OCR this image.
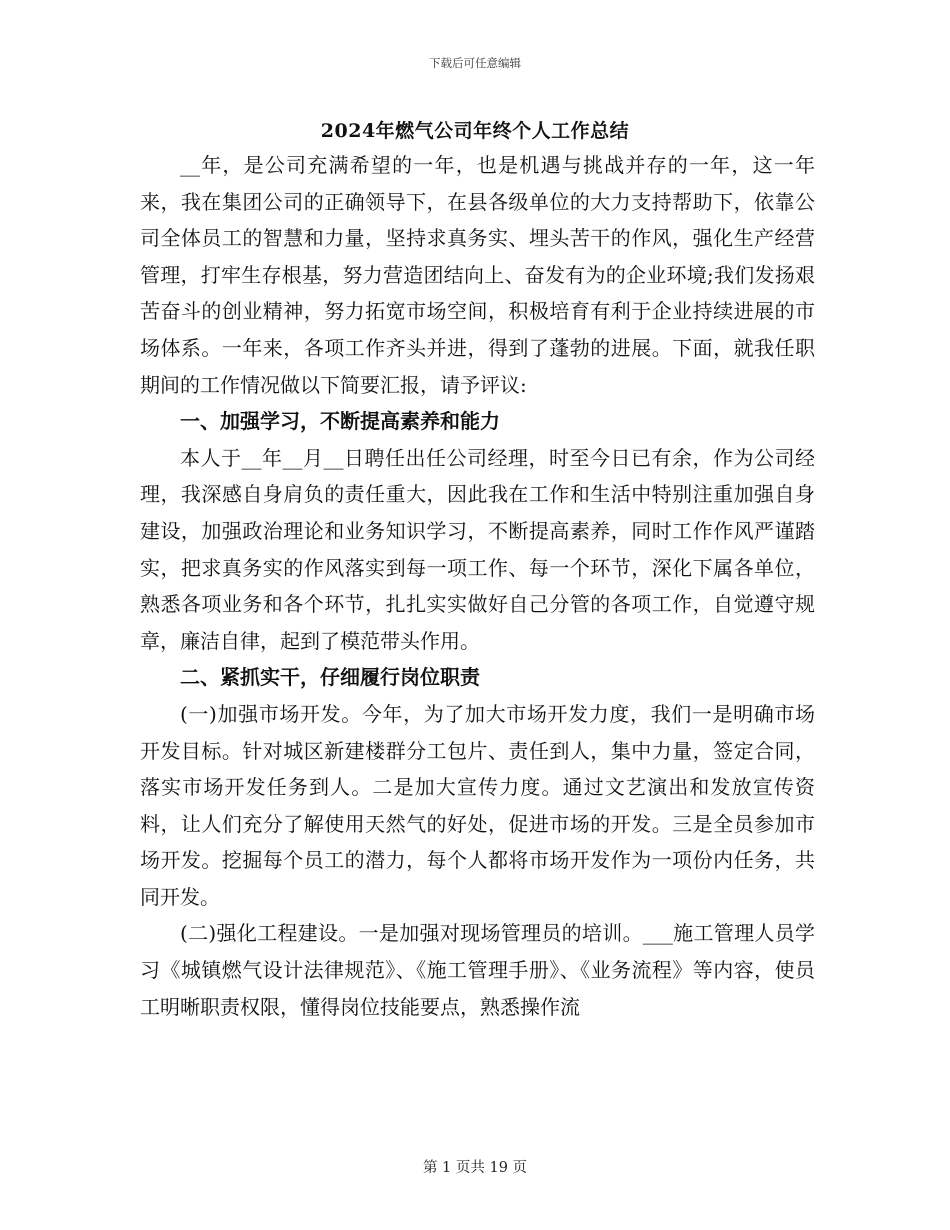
下载后可任意编辑
2024年燃气公司年终个人工作总结

__年，是公司充满希望的一年，也是机遇与挑战并存的一年，这一年来，我在集团公司的正确领导下，在县各级单位的大力支持帮助下，依靠公司全体员工的智慧和力量，坚持求真务实、埋头苦干的作风，强化生产经营管理，打牢生存根基，努力营造团结向上、奋发有为的企业环境;我们发扬艰苦奋斗的创业精神，努力拓宽市场空间，积极培育有利于企业持续进展的市场体系。一年来，各项工作齐头并进，得到了蓬勃的进展。下面，就我任职期间的工作情况做以下简要汇报，请予评议:

一、加强学习，不断提高素养和能力

本人于__年__月__日聘任出任公司经理，时至今日已有余，作为公司经理，我深感自身肩负的责任重大，因此我在工作和生活中特别注重加强自身建设，加强政治理论和业务知识学习，不断提高素养，同时工作作风严谨踏实，把求真务实的作风落实到每一项工作、每一个环节，深化下属各单位，熟悉各项业务和各个环节，扎扎实实做好自己分管的各项工作，自觉遵守规章，廉洁自律，起到了模范带头作用。

二、紧抓实干，仔细履行岗位职责

(一)加强市场开发。今年，为了加大市场开发力度，我们一是明确市场开发目标。针对城区新建楼群分工包片、责任到人，集中力量，签定合同，落实市场开发任务到人。二是加大宣传力度。通过文艺演出和发放宣传资料，让人们充分了解使用天然气的好处，促进市场的开发。三是全员参加市场开发。挖掘每个员工的潜力，每个人都将市场开发作为一项份内任务，共同开发。

(二)强化工程建设。一是加强对现场管理员的培训。___施工管理人员学习《城镇燃气设计法律规范》、《施工管理手册》、《业务流程》等内容，使员工明晰职责权限，懂得岗位技能要点，熟悉操作流

第 1 页共 19 页
